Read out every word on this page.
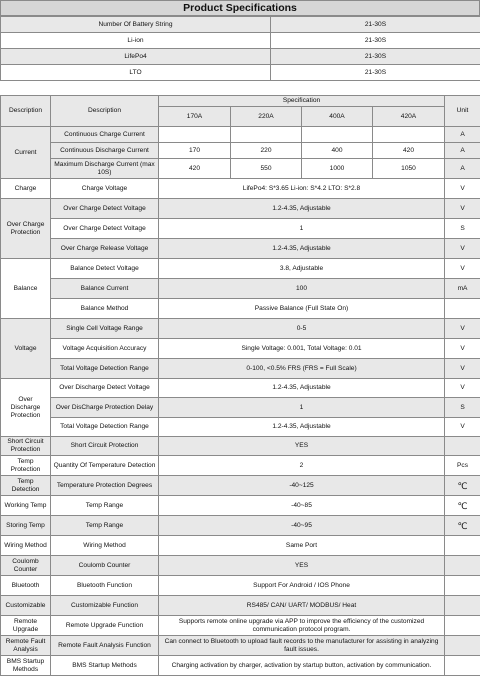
Product Specifications
Number Of Battery String	21-30S
Li-ion	21-30S
LifePo4	21-30S
LTO	21-30S
Description	Description	Specification				Unit
		170A	220A	400A	420A	
Current	Continuous Charge Current					A
	Continuous Discharge Current	170	220	400	420	A
	Maximum Discharge Current (max 10S)	420	550	1000	1050	A
Charge	Charge Voltage	LifePo4: S*3.65 Li-ion: S*4.2 LTO: S*2.8				V
Over Charge Protection	Over Charge Detect Voltage	1.2-4.35, Adjustable				V
	Over Charge Detect Voltage	1				S
	Over Charge Release Voltage	1.2-4.35, Adjustable				V
Balance	Balance Detect Voltage	3.8, Adjustable				V
	Balance Current	100				mA
	Balance Method	Passive Balance (Full State On)				
Voltage	Single Cell Voltage Range	0-5				V
	Voltage Acquisition Accuracy	Single Voltage: 0.001, Total Voltage: 0.01				V
	Total Voltage Detection Range	0-100, <0.5% FRS (FRS = Full Scale)				V
Over Discharge Protection	Over Discharge Detect Voltage	1.2-4.35, Adjustable				V
	Over DisCharge Protection Delay	1				S
	Total Voltage Detection Range	1.2-4.35, Adjustable				V
Short Circuit Protection	Short Circuit Protection	YES				
Temp Protection	Quantity Of Temperature Detection	2				Pcs
Temp Detection	Temperature Protection Degrees	-40~125				℃
Working Temp	Temp Range	-40~85				℃
Storing Temp	Temp Range	-40~95				℃
Wiring Method	Wiring Method	Same Port				
Coulomb Counter	Coulomb Counter	YES				
Bluetooth	Bluetooth Function	Support For Android / IOS Phone				
Customizable	Customizable Function	RS485/ CAN/ UART/ MODBUS/ Heat				
Remote Upgrade	Remote Upgrade Function	Supports remote online upgrade via APP to improve the efficiency of the customized communication protocol program.				
Remote Fault Analysis	Remote Fault Analysis Function	Can connect to Bluetooth to upload fault records to the manufacturer for assisting in analyzing fault issues.				
BMS Startup Methods	BMS Startup Methods	Charging activation by charger, activation by startup button, activation by communication.				
